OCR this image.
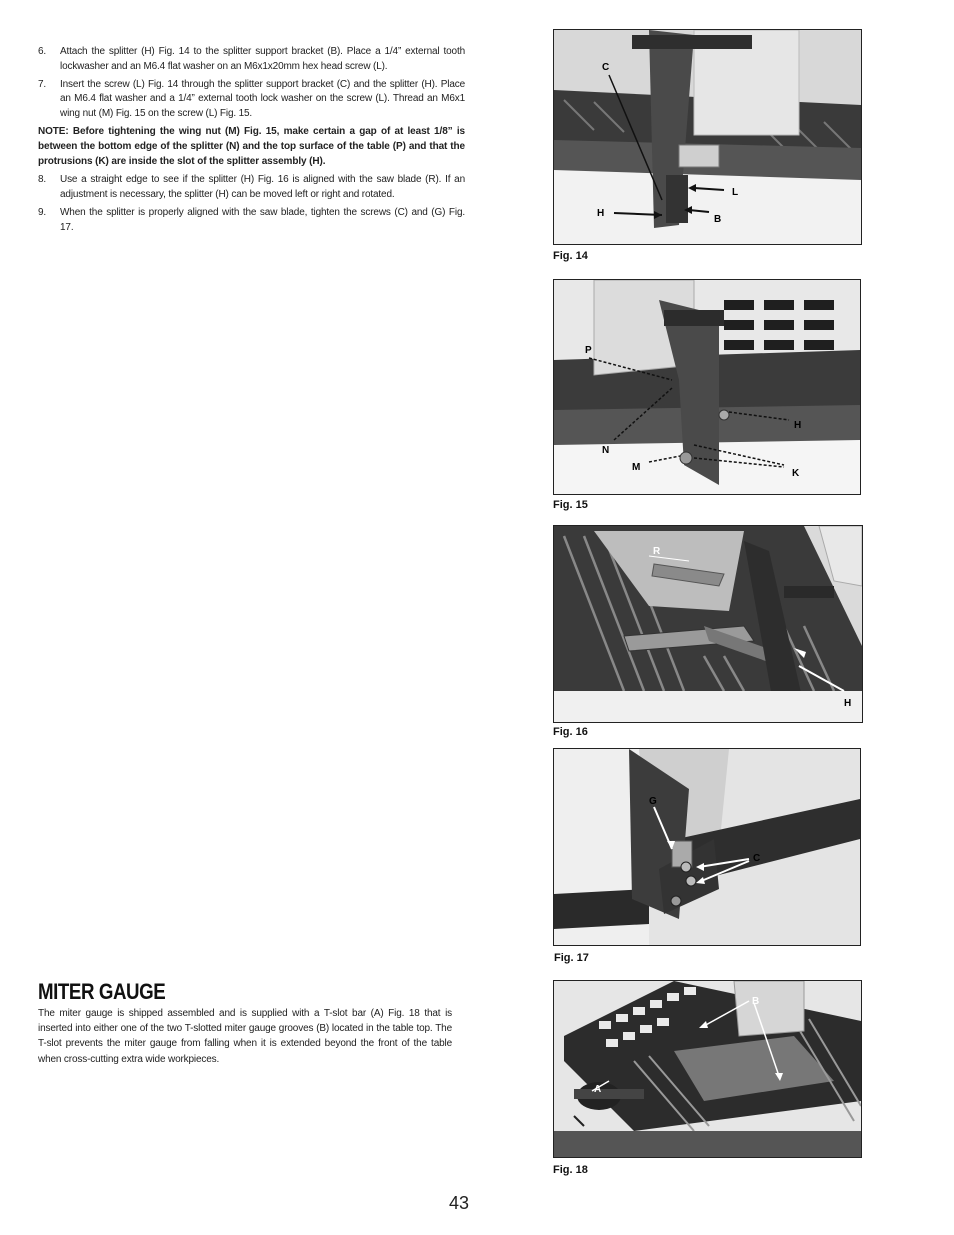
6.	Attach the splitter (H) Fig. 14 to the splitter support bracket (B). Place a 1/4” external tooth lockwasher and an M6.4 flat washer on an M6x1x20mm hex head screw (L).
7.	Insert the screw (L) Fig. 14 through the splitter support bracket (C) and the splitter (H). Place an M6.4 flat washer and a 1/4” external tooth lock washer on the screw (L). Thread an M6x1 wing nut (M) Fig. 15 on the screw (L) Fig. 15.
NOTE: Before tightening the wing nut (M) Fig. 15, make certain a gap of at least 1/8” is between the bottom edge of the splitter (N) and the top surface of the table (P) and that the protrusions (K) are inside the slot of the splitter assembly (H).
8.	Use a straight edge to see if the splitter (H) Fig. 16 is aligned with the saw blade (R). If an adjustment is necessary, the splitter (H) can be moved left or right and rotated.
9.	When the splitter is properly aligned with the saw blade, tighten the screws (C) and (G) Fig. 17.
MITER GAUGE
The miter gauge is shipped assembled and is supplied with a T-slot bar (A) Fig. 18 that is inserted into either one of the two T-slotted miter gauge grooves (B) located in the table top. The T-slot prevents the miter gauge from falling when it is extended beyond the front of the table when cross-cutting extra wide workpieces.
C
L
H
B
Fig. 14
P
H
N
M
K
Fig. 15
R
H
Fig. 16
G
C
Fig. 17
B
A
Fig. 18
43
